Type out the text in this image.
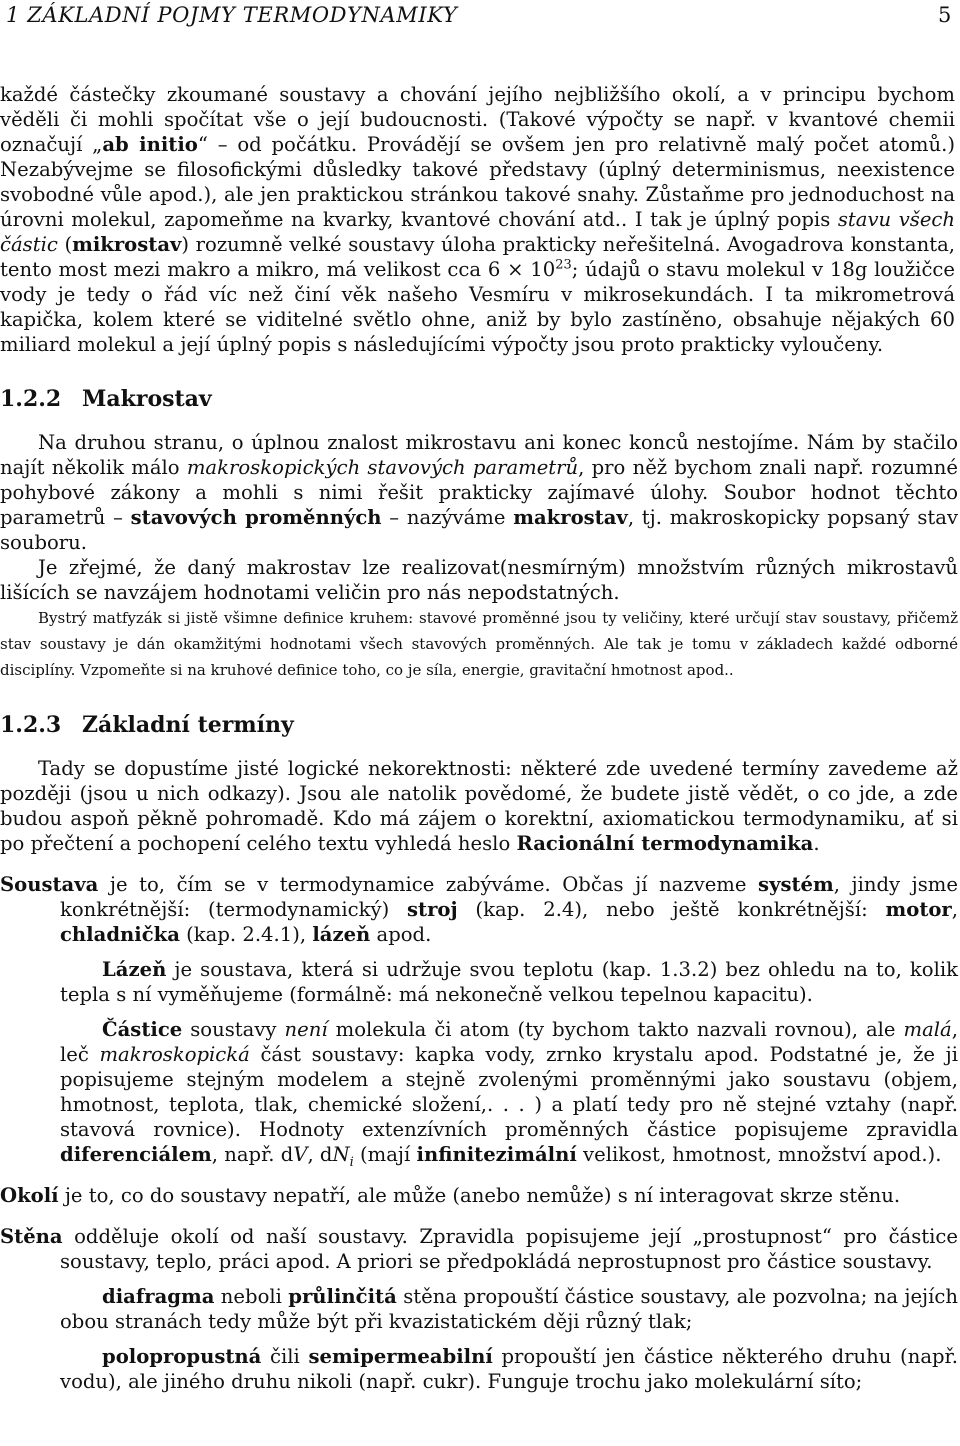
1 ZÁKLADNÍ POJMY TERMODYNAMIKY	5

každé částečky zkoumané soustavy a chování jejího nejbližšího okolí, a v principu bychom věděli či mohli spočítat vše o její budoucnosti. (Takové výpočty se např. v kvantové chemii označují „ab initio“ – od počátku. Provádějí se ovšem jen pro relativně malý počet atomů.) Nezabývejme se filosofickými důsledky takové představy (úplný determinismus, neexistence svobodné vůle apod.), ale jen praktickou stránkou takové snahy. Zůstaňme pro jednoduchost na úrovni molekul, zapomeňme na kvarky, kvantové chování atd.. I tak je úplný popis stavu všech částic (mikrostav) rozumně velké soustavy úloha prakticky neřešitelná. Avogadrova konstanta, tento most mezi makro a mikro, má velikost cca $6 \times 10^{23}$; údajů o stavu molekul v 18g loužičce vody je tedy o řád víc než činí věk našeho Vesmíru v mikrosekundách. I ta mikrometrová kapička, kolem které se viditelné světlo ohne, aniž by bylo zastíněno, obsahuje nějakých 60 miliard molekul a její úplný popis s následujícími výpočty jsou proto prakticky vyloučeny.

1.2.2 Makrostav

Na druhou stranu, o úplnou znalost mikrostavu ani konec konců nestojíme. Nám by stačilo najít několik málo makroskopických stavových parametrů, pro něž bychom znali např. rozumné pohybové zákony a mohli s nimi řešit prakticky zajímavé úlohy. Soubor hodnot těchto parametrů – stavových proměnných – nazýváme makrostav, tj. makroskopicky popsaný stav souboru.

Je zřejmé, že daný makrostav lze realizovat(nesmírným) množstvím různých mikrostavů lišících se navzájem hodnotami veličin pro nás nepodstatných.

Bystrý matfyzák si jistě všimne definice kruhem: stavové proměnné jsou ty veličiny, které určují stav soustavy, přičemž stav soustavy je dán okamžitými hodnotami všech stavových proměnných. Ale tak je tomu v základech každé odborné disciplíny. Vzpomeňte si na kruhové definice toho, co je síla, energie, gravitační hmotnost apod..

1.2.3 Základní termíny

Tady se dopustíme jisté logické nekorektnosti: některé zde uvedené termíny zavedeme až později (jsou u nich odkazy). Jsou ale natolik povědomé, že budete jistě vědět, o co jde, a zde budou aspoň pěkně pohromadě. Kdo má zájem o korektní, axiomatickou termodynamiku, ať si po přečtení a pochopení celého textu vyhledá heslo Racionální termodynamika.

Soustava je to, čím se v termodynamice zabýváme. Občas jí nazveme systém, jindy jsme konkrétnější: (termodynamický) stroj (kap. 2.4), nebo ještě konkrétnější: motor, chladnička (kap. 2.4.1), lázeň apod.

Lázeň je soustava, která si udržuje svou teplotu (kap. 1.3.2) bez ohledu na to, kolik tepla s ní vyměňujeme (formálně: má nekonečně velkou tepelnou kapacitu).

Částice soustavy není molekula či atom (ty bychom takto nazvali rovnou), ale malá, leč makroskopická část soustavy: kapka vody, zrnko krystalu apod. Podstatné je, že ji popisujeme stejným modelem a stejně zvolenými proměnnými jako soustavu (objem, hmotnost, teplota, tlak, chemické složení,. . . ) a platí tedy pro ně stejné vztahy (např. stavová rovnice). Hodnoty extenzívních proměnných částice popisujeme zpravidla diferenciálem, např. dV, $dN_i$ (mají infinitezimální velikost, hmotnost, množství apod.).

Okolí je to, co do soustavy nepatří, ale může (anebo nemůže) s ní interagovat skrze stěnu.

Stěna odděluje okolí od naší soustavy. Zpravidla popisujeme její „prostupnost“ pro částice soustavy, teplo, práci apod. A priori se předpokládá neprostupnost pro částice soustavy.

diafragma neboli průlinčitá stěna propouští částice soustavy, ale pozvolna; na jejích obou stranách tedy může být při kvazistatickém ději různý tlak;

polopropustná čili semipermeabilní propouští jen částice některého druhu (např. vodu), ale jiného druhu nikoli (např. cukr). Funguje trochu jako molekulární síto;
